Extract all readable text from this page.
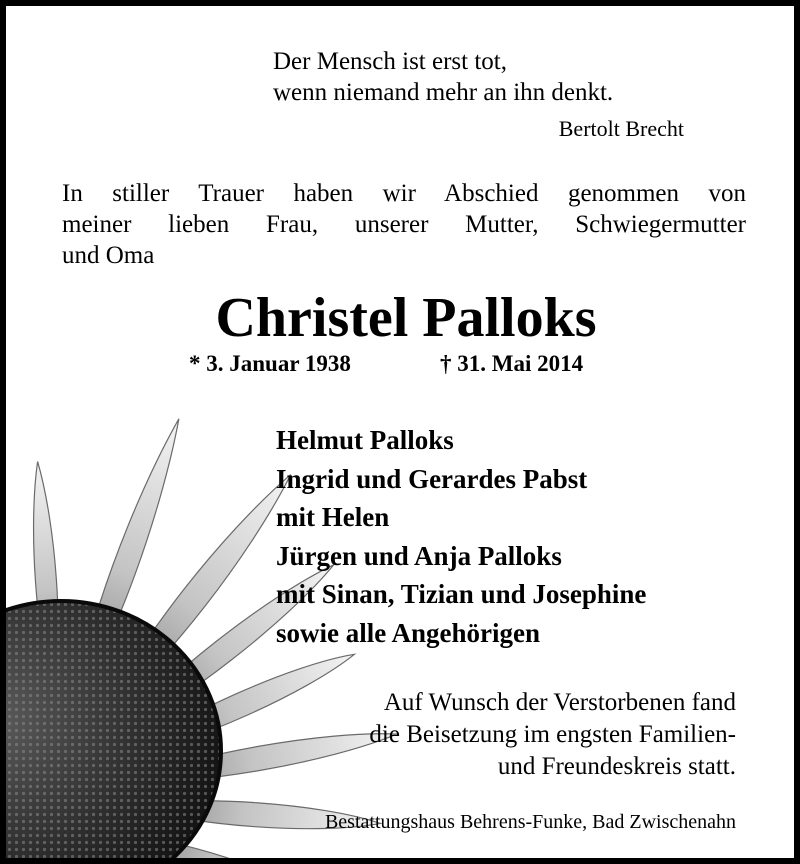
Der Mensch ist erst tot,
wenn niemand mehr an ihn denkt.
Bertolt Brecht
In stiller Trauer haben wir Abschied genommen von
meiner lieben Frau, unserer Mutter, Schwiegermutter
und Oma
Christel Palloks
* 3. Januar 1938	† 31. Mai 2014
Helmut Palloks
Ingrid und Gerardes Pabst
mit Helen
Jürgen und Anja Palloks
mit Sinan, Tizian und Josephine
sowie alle Angehörigen
Auf Wunsch der Verstorbenen fand
die Beisetzung im engsten Familien-
und Freundeskreis statt.
Bestattungshaus Behrens-Funke, Bad Zwischenahn
